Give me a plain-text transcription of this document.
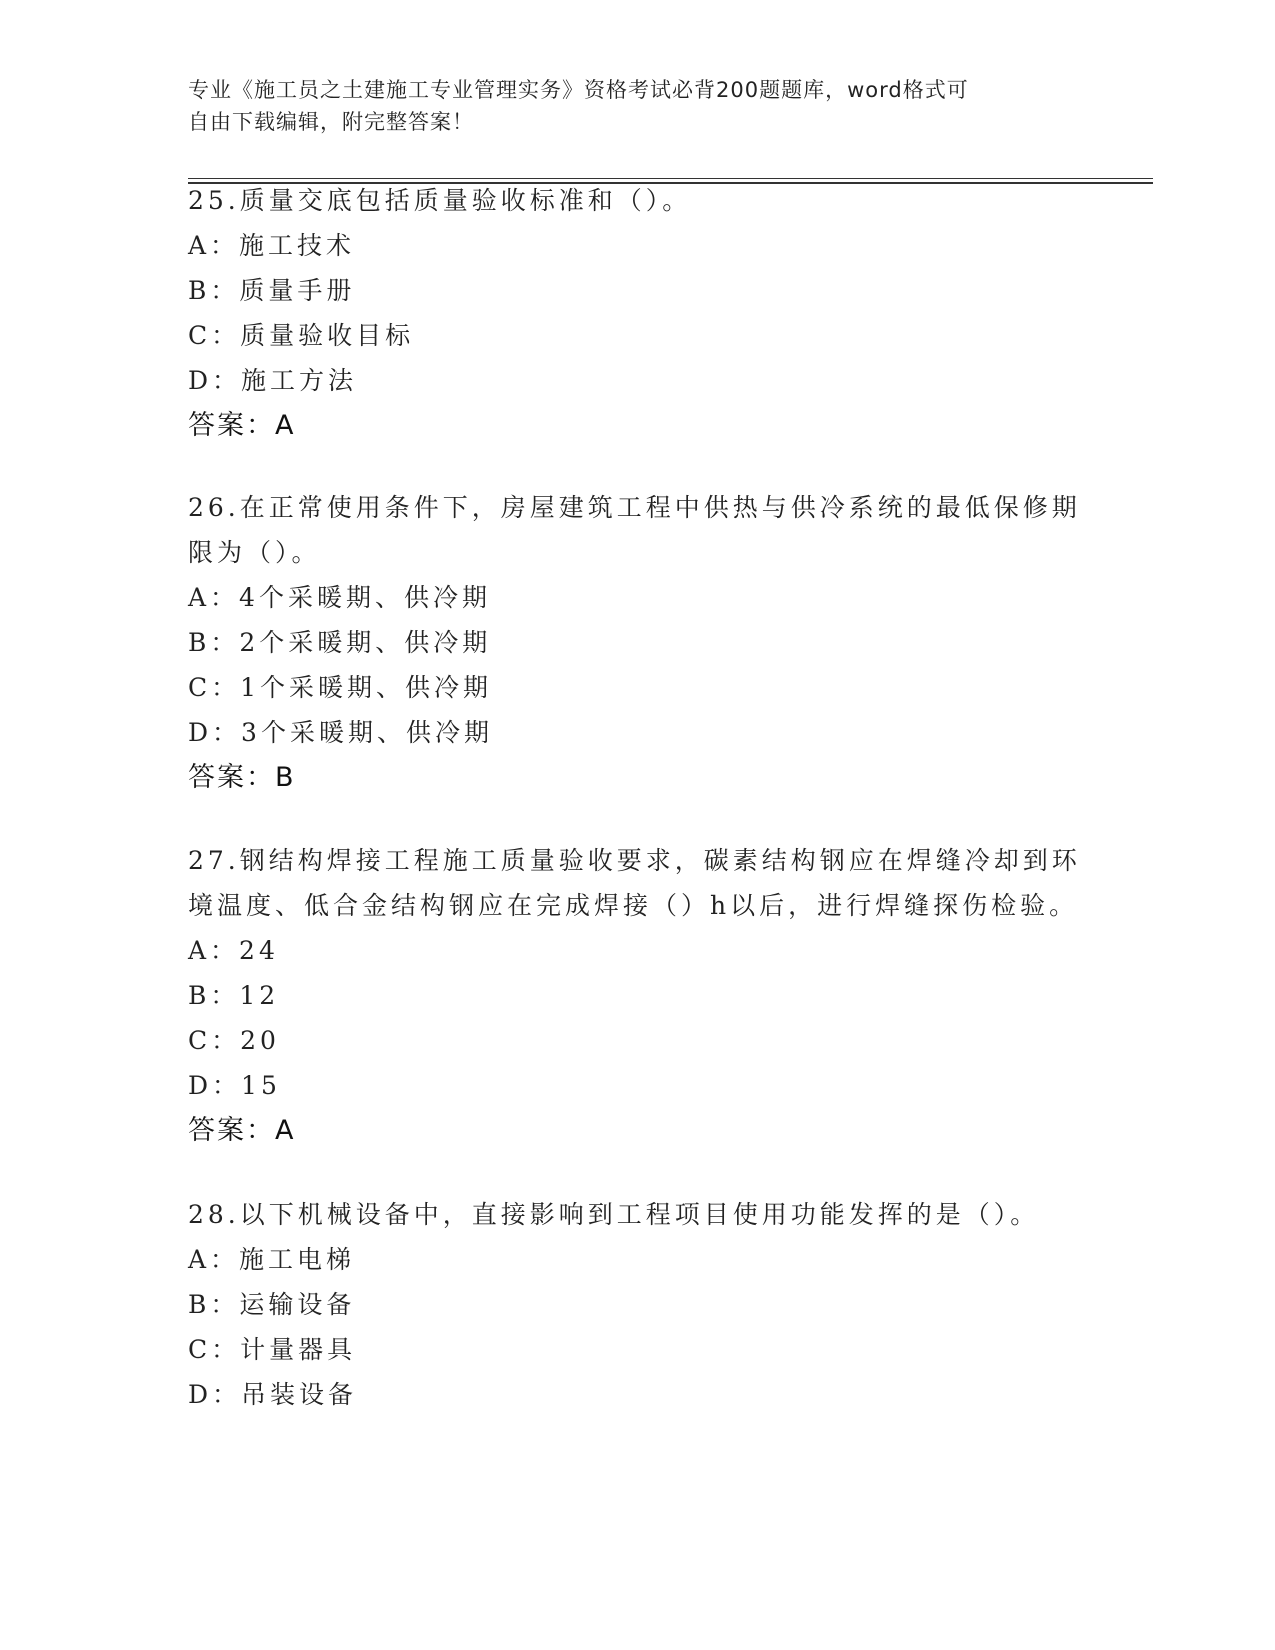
专业《施工员之土建施工专业管理实务》资格考试必背200题题库，word格式可
自由下载编辑，附完整答案！

25.质量交底包括质量验收标准和（）。

A：施工技术

B：质量手册

C：质量验收目标

D：施工方法

答案：A

26.在正常使用条件下，房屋建筑工程中供热与供冷系统的最低保修期限为（）。

A：4个采暖期、供冷期

B：2个采暖期、供冷期

C：1个采暖期、供冷期

D：3个采暖期、供冷期

答案：B

27.钢结构焊接工程施工质量验收要求，碳素结构钢应在焊缝冷却到环境温度、低合金结构钢应在完成焊接（）h以后，进行焊缝探伤检验。

A：24

B：12

C：20

D：15

答案：A

28.以下机械设备中，直接影响到工程项目使用功能发挥的是（）。

A：施工电梯

B：运输设备

C：计量器具

D：吊装设备
